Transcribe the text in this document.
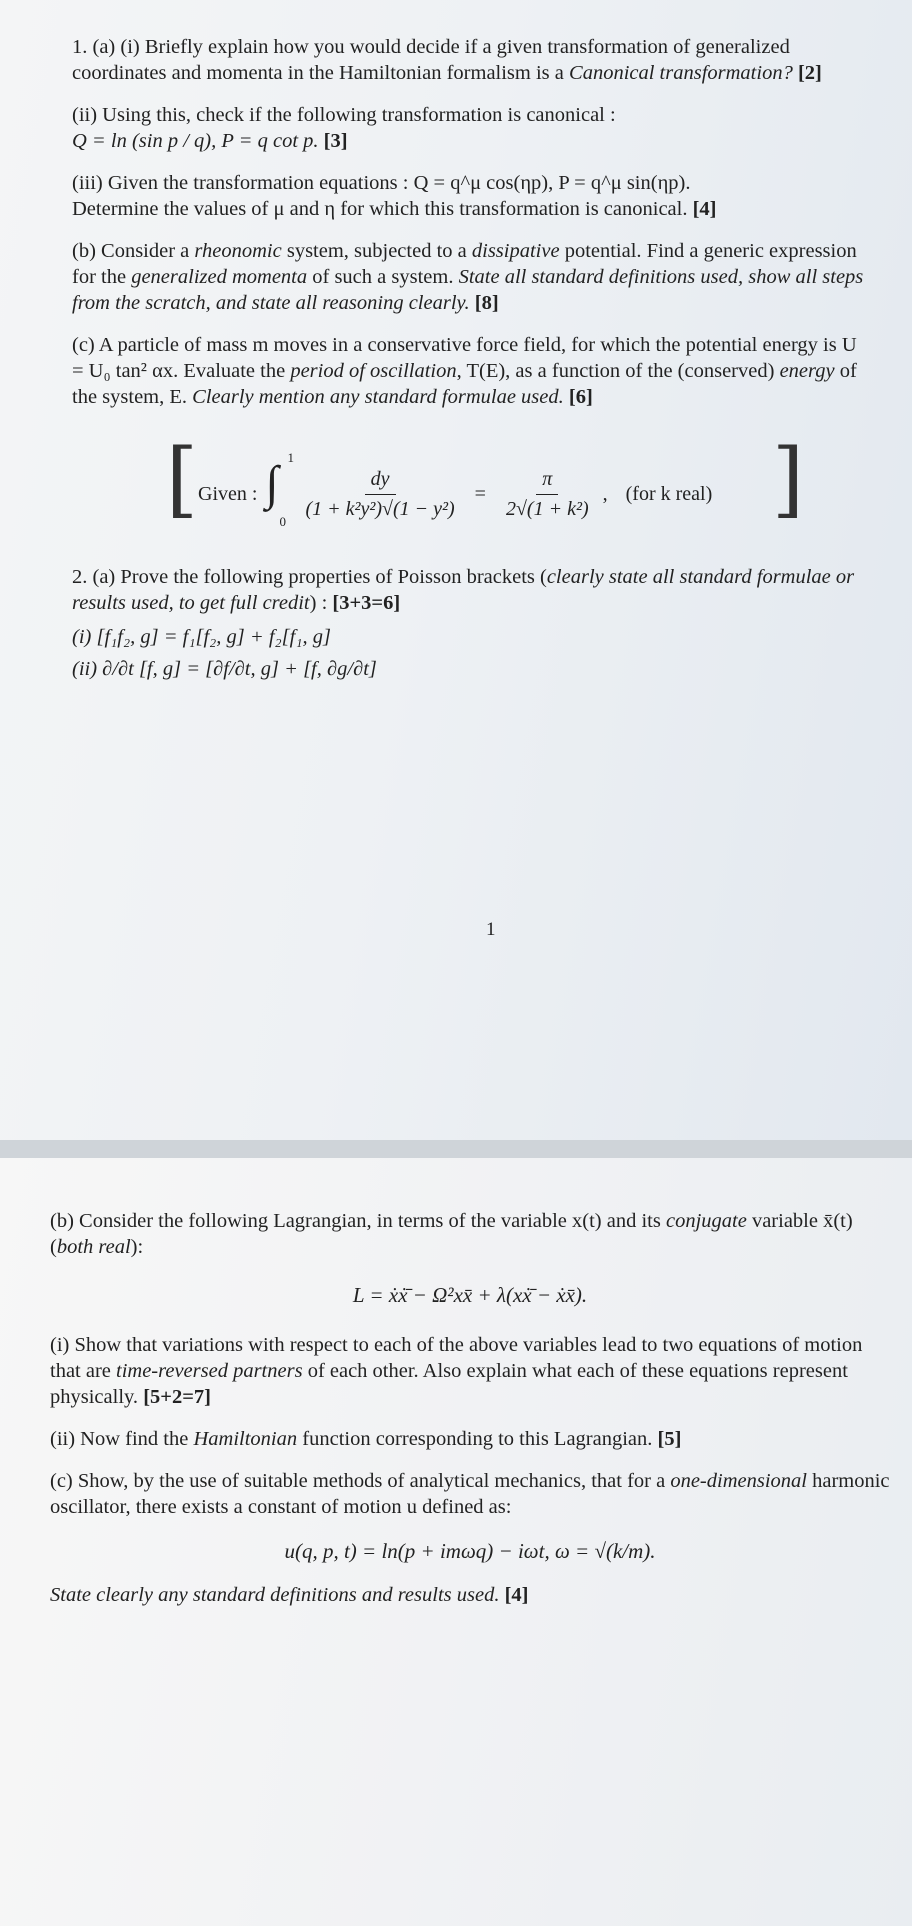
1. (a) (i) Briefly explain how you would decide if a given transformation of generalized coordinates and momenta in the Hamiltonian formalism is a Canonical transformation? [2]

(ii) Using this, check if the following transformation is canonical :
Q = ln (sin p / q), P = q cot p. [3]

(iii) Given the transformation equations : Q = q^μ cos(ηp), P = q^μ sin(ηp).
Determine the values of μ and η for which this transformation is canonical. [4]

(b) Consider a rheonomic system, subjected to a dissipative potential. Find a generic expression for the generalized momenta of such a system. State all standard definitions used, show all steps from the scratch, and state all reasoning clearly. [8]

(c) A particle of mass m moves in a conservative force field, for which the potential energy is U = U₀ tan² αx. Evaluate the period of oscillation, T(E), as a function of the (conserved) energy of the system, E. Clearly mention any standard formulae used. [6]

[ Given : ∫ 1
0
$\frac{dy}{\text{(1 + k²y²)√(1 − y²)}} = \frac{\pi}{\text{2√(1 + k²)}}$ , (for k real) ]

2. (a) Prove the following properties of Poisson brackets (clearly state all standard formulae or results used, to get full credit) : [3+3=6]

(i) [f₁f₂, g] = f₁[f₂, g] + f₂[f₁, g]

(ii) ∂/∂t [f, g] = [∂f/∂t, g] + [f, ∂g/∂t]

1

(b) Consider the following Lagrangian, in terms of the variable x(t) and its conjugate variable x̄(t) (both real):

L = ẋẋ̄ − Ω²xx̄ + λ(xẋ̄ − ẋx̄).

(i) Show that variations with respect to each of the above variables lead to two equations of motion that are time-reversed partners of each other. Also explain what each of these equations represent physically. [5+2=7]

(ii) Now find the Hamiltonian function corresponding to this Lagrangian. [5]

(c) Show, by the use of suitable methods of analytical mechanics, that for a one-dimensional harmonic oscillator, there exists a constant of motion u defined as:

u(q, p, t) = ln(p + imωq) − iωt, ω = √(k/m).

State clearly any standard definitions and results used. [4]
